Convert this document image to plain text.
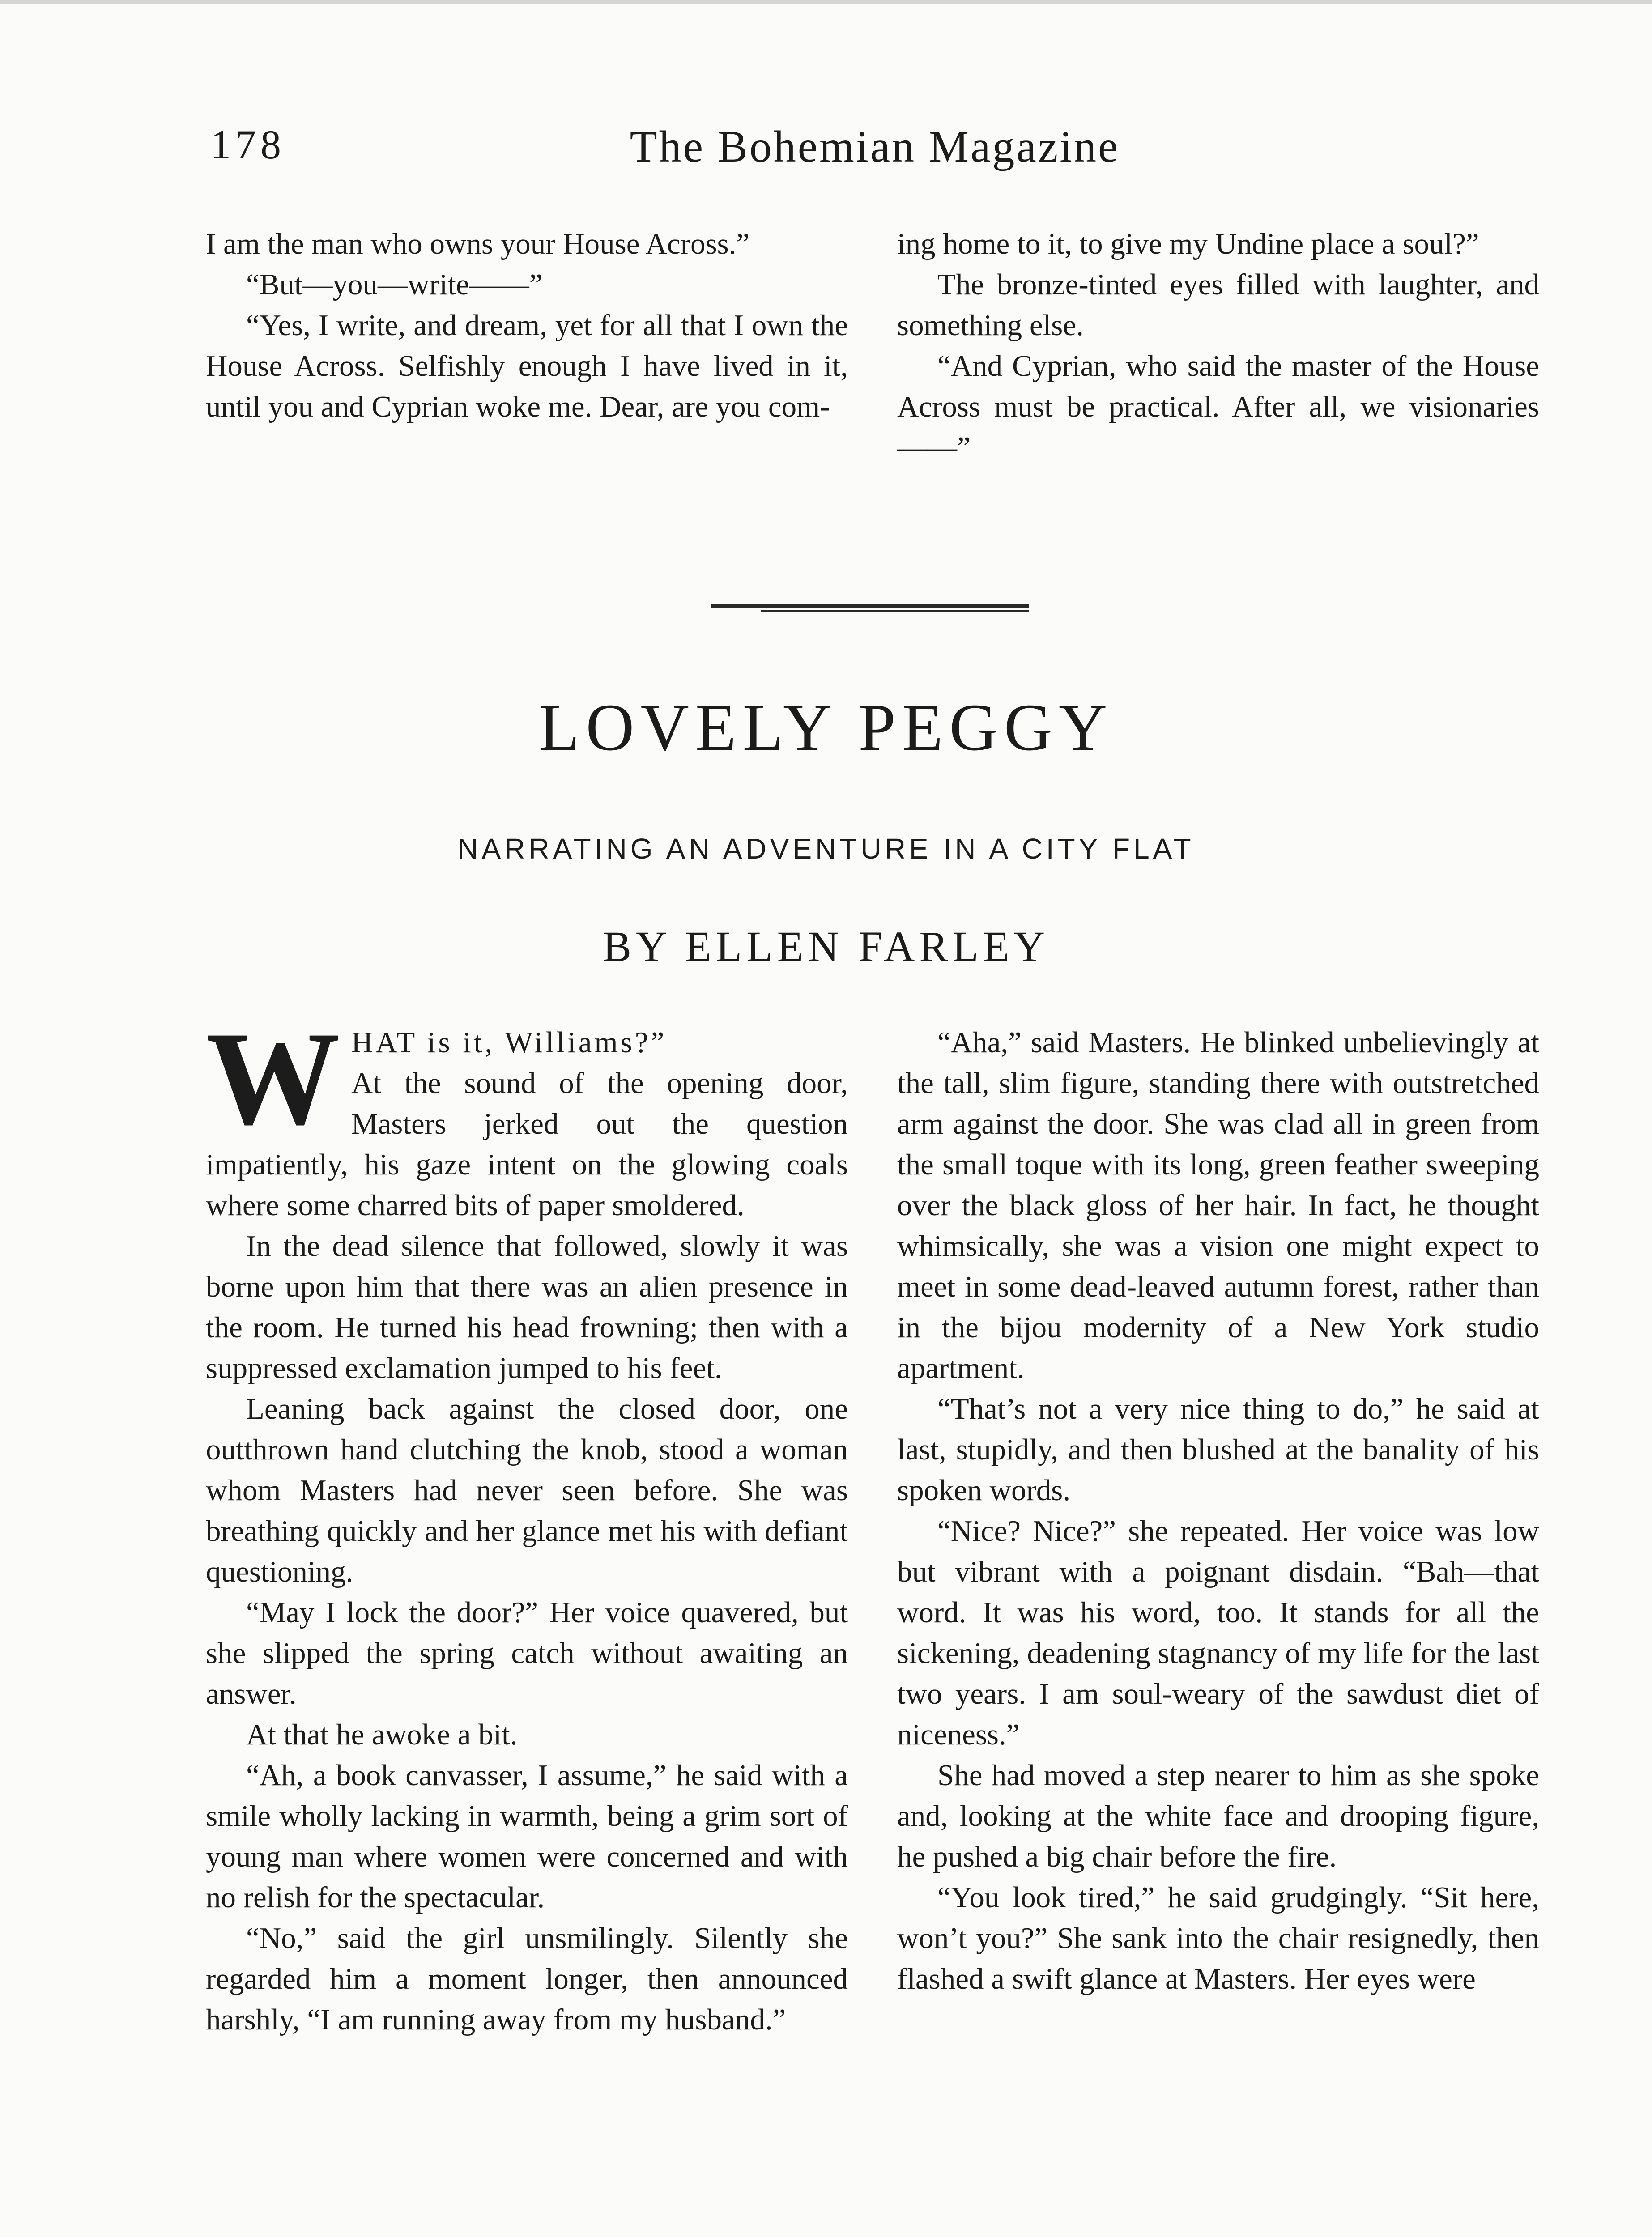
178	The Bohemian Magazine

I am the man who owns your House Across.”

“But—you—write——”

“Yes, I write, and dream, yet for all that I own the House Across. Selfishly enough I have lived in it, until you and Cyprian woke me. Dear, are you com-

ing home to it, to give my Undine place a soul?”

The bronze-tinted eyes filled with laughter, and something else.

“And Cyprian, who said the master of the House Across must be practical. After all, we visionaries——”

LOVELY PEGGY
NARRATING AN ADVENTURE IN A CITY FLAT
BY ELLEN FARLEY

W HAT is it, Williams?”
At the sound of the opening door, Masters jerked out the question impatiently, his gaze intent on the glowing coals where some charred bits of paper smoldered.

In the dead silence that followed, slowly it was borne upon him that there was an alien presence in the room. He turned his head frowning; then with a suppressed exclamation jumped to his feet.

Leaning back against the closed door, one outthrown hand clutching the knob, stood a woman whom Masters had never seen before. She was breathing quickly and her glance met his with defiant questioning.

“May I lock the door?” Her voice quavered, but she slipped the spring catch without awaiting an answer.

At that he awoke a bit.

“Ah, a book canvasser, I assume,” he said with a smile wholly lacking in warmth, being a grim sort of young man where women were concerned and with no relish for the spectacular.

“No,” said the girl unsmilingly. Silently she regarded him a moment longer, then announced harshly, “I am running away from my husband.”

“Aha,” said Masters. He blinked unbelievingly at the tall, slim figure, standing there with outstretched arm against the door. She was clad all in green from the small toque with its long, green feather sweeping over the black gloss of her hair. In fact, he thought whimsically, she was a vision one might expect to meet in some dead-leaved autumn forest, rather than in the bijou modernity of a New York studio apartment.

“That’s not a very nice thing to do,” he said at last, stupidly, and then blushed at the banality of his spoken words.

“Nice? Nice?” she repeated. Her voice was low but vibrant with a poignant disdain. “Bah—that word. It was his word, too. It stands for all the sickening, deadening stagnancy of my life for the last two years. I am soul-weary of the sawdust diet of niceness.”

She had moved a step nearer to him as she spoke and, looking at the white face and drooping figure, he pushed a big chair before the fire.

“You look tired,” he said grudgingly. “Sit here, won’t you?” She sank into the chair resignedly, then flashed a swift glance at Masters. Her eyes were
